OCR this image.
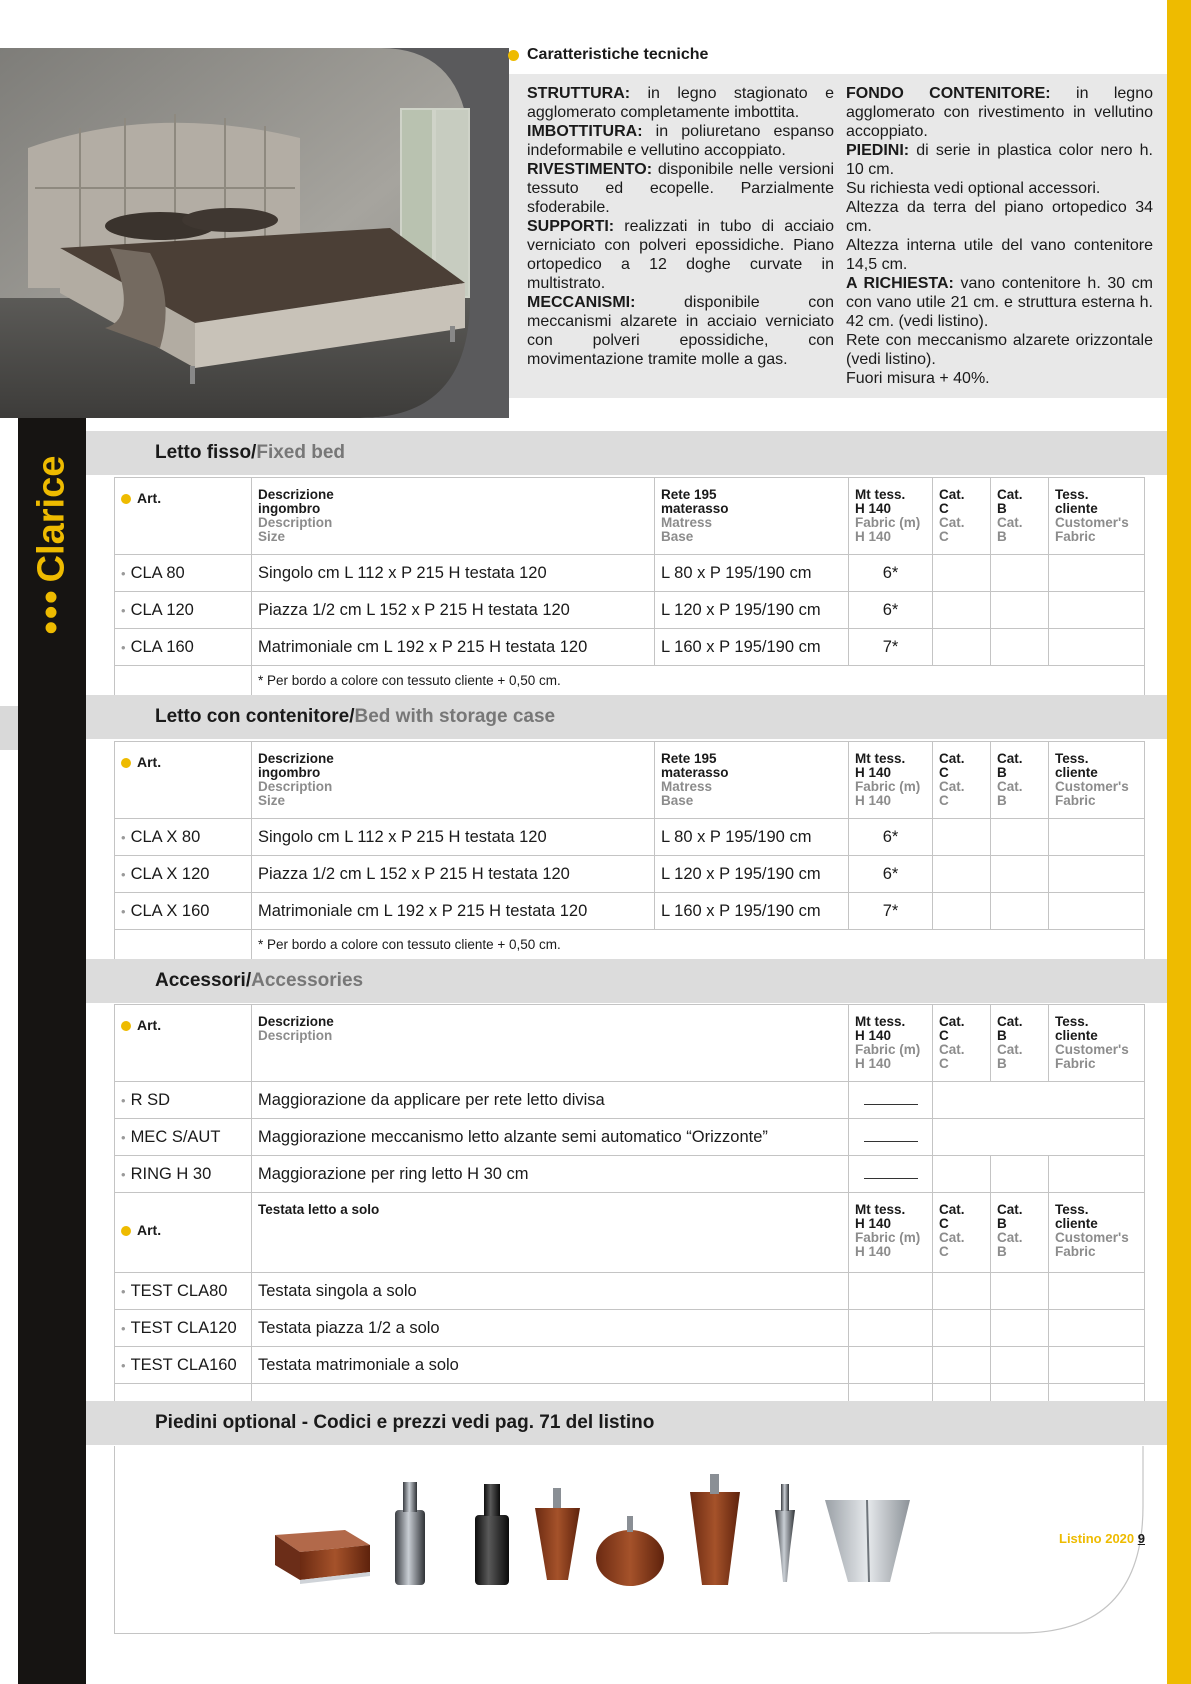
•••Clarice
Caratteristiche tecniche

STRUTTURA: in legno stagionato e agglomerato completamente imbottita.
IMBOTTITURA: in poliuretano espanso indeformabile e vellutino accoppiato.
RIVESTIMENTO: disponibile nelle versioni tessuto ed ecopelle. Parzialmente sfoderabile.
SUPPORTI: realizzati in tubo di acciaio verniciato con polveri epossidiche. Piano ortopedico a 12 doghe curvate in multistrato.
MECCANISMI: disponibile con meccanismi alzarete in acciaio verniciato con polveri epossidiche, con movimentazione tramite molle a gas.

FONDO CONTENITORE: in legno agglomerato con rivestimento in vellutino accoppiato.
PIEDINI: di serie in plastica color nero h. 10 cm.
Su richiesta vedi optional accessori.
Altezza da terra del piano ortopedico 34 cm.
Altezza interna utile del vano contenitore 14,5 cm.
A RICHIESTA: vano contenitore h. 30 cm con vano utile 21 cm. e struttura esterna h. 42 cm. (vedi listino).
Rete con meccanismo alzarete orizzontale (vedi listino).
Fuori misura + 40%.

Letto fisso/ Fixed bed
Art.	Descrizione
ingombro
Description
Size	Rete 195
materasso
Matress
Base	Mt tess.
H 140
Fabric (m)
H 140	Cat.
C
Cat.
C	Cat.
B
Cat.
B	Tess.
cliente
Customer's
Fabric

• CLA 80	Singolo cm L 112 x P 215 H testata 120	L 80 x P 195/190 cm	6*			
• CLA 120	Piazza 1/2 cm L 152 x P 215 H testata 120	L 120 x P 195/190 cm	6*			
• CLA 160	Matrimoniale cm L 192 x P 215 H testata 120	L 160 x P 195/190 cm	7*			
	* Per bordo a colore con tessuto cliente + 0,50 cm.					
Letto con contenitore/ Bed with storage case
Art.	Descrizione
ingombro
Description
Size	Rete 195
materasso
Matress
Base	Mt tess.
H 140
Fabric (m)
H 140	Cat.
C
Cat.
C	Cat.
B
Cat.
B	Tess.
cliente
Customer's
Fabric

• CLA X 80	Singolo cm L 112 x P 215 H testata 120	L 80 x P 195/190 cm	6*			
• CLA X 120	Piazza 1/2 cm L 152 x P 215 H testata 120	L 120 x P 195/190 cm	6*			
• CLA X 160	Matrimoniale cm L 192 x P 215 H testata 120	L 160 x P 195/190 cm	7*			
	* Per bordo a colore con tessuto cliente + 0,50 cm.					
Accessori/ Accessories
Art.	Descrizione
Description	Mt tess.
H 140
Fabric (m)
H 140	Cat.
C
Cat.
C	Cat.
B
Cat.
B	Tess.
cliente
Customer's
Fabric

• R SD	Maggiorazione da applicare per rete letto divisa				
• MEC S/AUT	Maggiorazione meccanismo letto alzante semi automatico “Orizzonte”				
• RING H 30	Maggiorazione per ring letto H 30 cm				
Art.	Testata letto a solo	Mt tess.
H 140
Fabric (m)
H 140	Cat.
C
Cat.
C	Cat.
B
Cat.
B	Tess.
cliente
Customer's
Fabric

• TEST CLA80	Testata singola a solo				
• TEST CLA120	Testata piazza 1/2 a solo				
• TEST CLA160	Testata matrimoniale a solo				

Piedini optional - Codici e prezzi vedi pag. 71 del listino
Listino 2020 9
